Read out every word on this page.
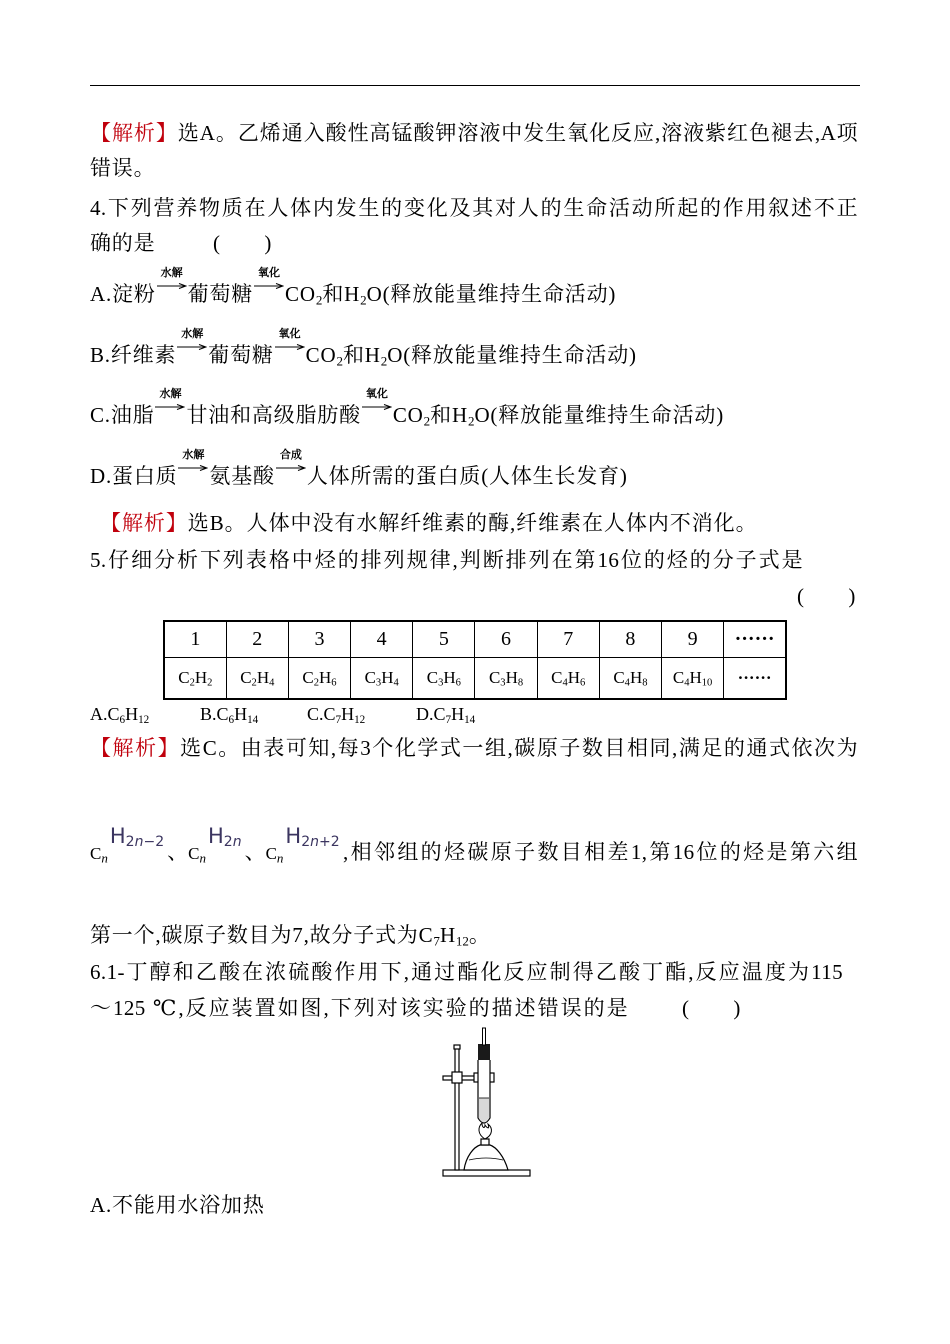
【解析】选A。乙烯通入酸性高锰酸钾溶液中发生氧化反应,溶液紫红色褪去,A项
错误。
4.下列营养物质在人体内发生的变化及其对人的生命活动所起的作用叙述不正
确的是	(　　)
A.淀粉
水解
葡萄糖
氧化
$CO_2$和$H_2O$(释放能量维持生命活动)
B.纤维素
水解
葡萄糖
氧化
$CO_2$和$H_2O$(释放能量维持生命活动)
C.油脂
水解
甘油和高级脂肪酸
氧化
$CO_2$和$H_2O$(释放能量维持生命活动)
D.蛋白质
水解
氨基酸
合成
人体所需的蛋白质(人体生长发育)
【解析】选B。人体中没有水解纤维素的酶,纤维素在人体内不消化。
5.仔细分析下列表格中烃的排列规律,判断排列在第16位的烃的分子式是
(　　)
1	2	3	4	5	6	7	8	9	······
$C_2H_2$	$C_2H_4$	$C_2H_6$	$C_3H_4$	$C_3H_6$	$C_3H_8$	$C_4H_6$	$C_4H_8$	$C_4H_{10}$	······
$A.C_6H_{12}$	$B.C_6H_{14}$	$C.C_7H_{12}$	$D.C_7H_{14}$
【解析】选C。由表可知,每3个化学式一组,碳原子数目相同,满足的通式依次为
$C_nH_{2n-2}$ 、$C_nH_{2n}$ 、$C_nH_{2n+2}$ ,相邻组的烃碳原子数目相差1,第16位的烃是第六组
第一个,碳原子数目为7,故分子式为$C_7H_{12}$。
6.1-丁醇和乙酸在浓硫酸作用下,通过酯化反应制得乙酸丁酯,反应温度为115
～125 ℃,反应装置如图,下列对该实验的描述错误的是	(　　)
A.不能用水浴加热
